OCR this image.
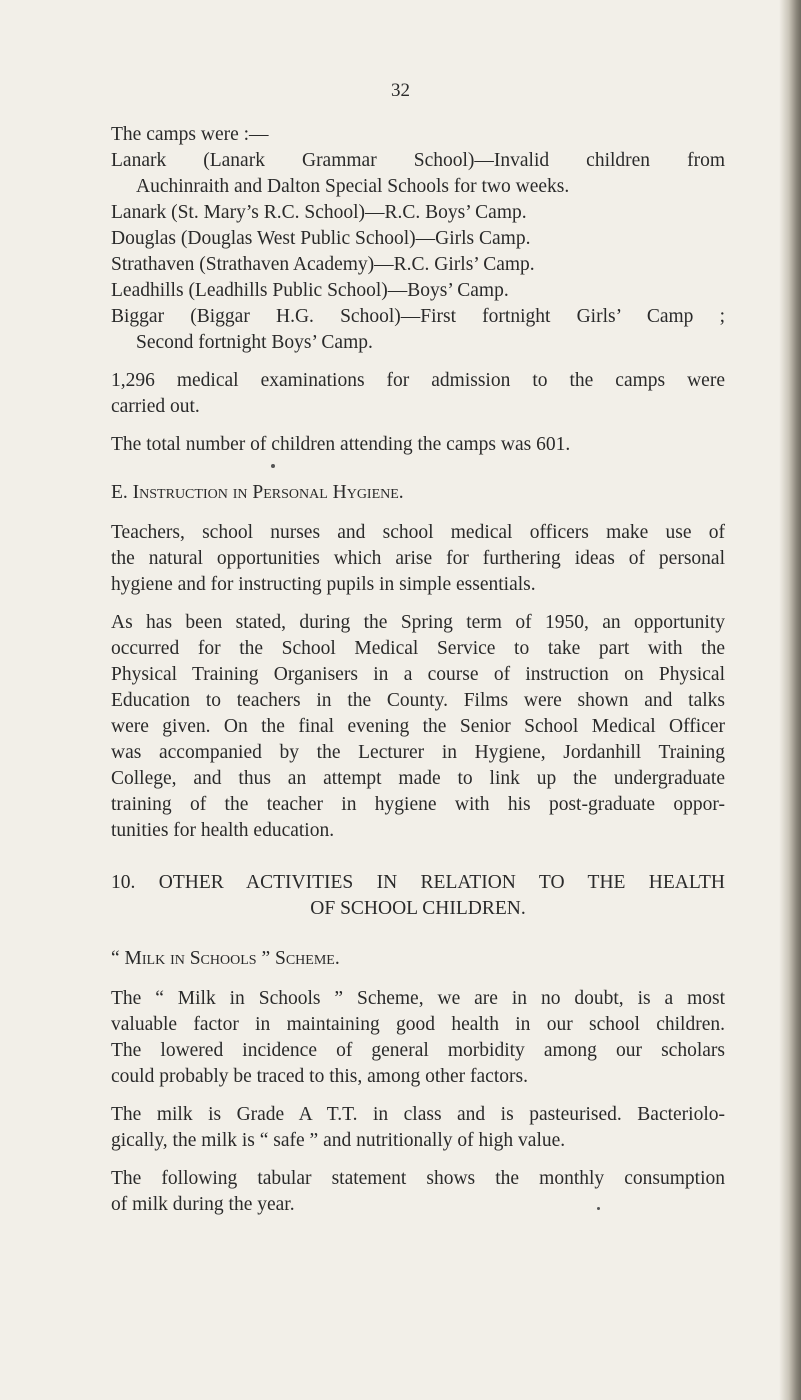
32
The camps were :—
Lanark (Lanark Grammar School)—Invalid children from
Auchinraith and Dalton Special Schools for two weeks.
Lanark (St. Mary’s R.C. School)—R.C. Boys’ Camp.
Douglas (Douglas West Public School)—Girls Camp.
Strathaven (Strathaven Academy)—R.C. Girls’ Camp.
Leadhills (Leadhills Public School)—Boys’ Camp.
Biggar (Biggar H.G. School)—First fortnight Girls’ Camp ;
Second fortnight Boys’ Camp.
1,296 medical examinations for admission to the camps were
carried out.
The total number of children attending the camps was 601.
E. Instruction in Personal Hygiene.
Teachers, school nurses and school medical officers make use of
the natural opportunities which arise for furthering ideas of personal
hygiene and for instructing pupils in simple essentials.
As has been stated, during the Spring term of 1950, an opportunity
occurred for the School Medical Service to take part with the
Physical Training Organisers in a course of instruction on Physical
Education to teachers in the County. Films were shown and talks
were given. On the final evening the Senior School Medical Officer
was accompanied by the Lecturer in Hygiene, Jordanhill Training
College, and thus an attempt made to link up the undergraduate
training of the teacher in hygiene with his post-graduate oppor-
tunities for health education.
10. OTHER ACTIVITIES IN RELATION TO THE HEALTH
OF SCHOOL CHILDREN.
“ Milk in Schools ” Scheme.
The “ Milk in Schools ” Scheme, we are in no doubt, is a most
valuable factor in maintaining good health in our school children.
The lowered incidence of general morbidity among our scholars
could probably be traced to this, among other factors.
The milk is Grade A T.T. in class and is pasteurised. Bacteriolo-
gically, the milk is “ safe ” and nutritionally of high value.
The following tabular statement shows the monthly consumption
of milk during the year.
